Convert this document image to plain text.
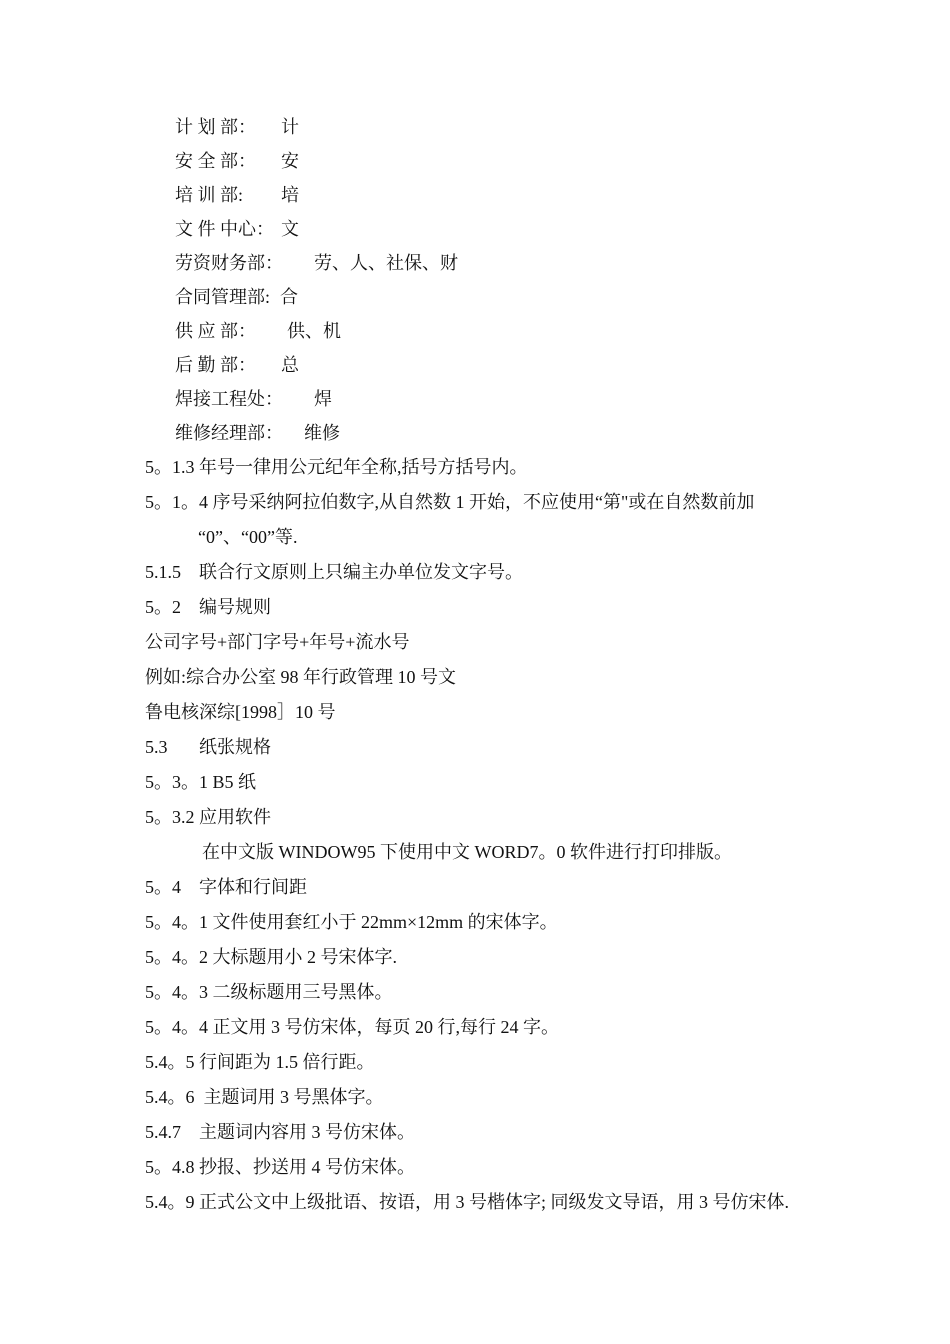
计 划 部： 计
安 全 部： 安
培 训 部: 培
文 件 中心： 文
劳资财务部： 劳、人、社保、财
合同管理部: 合
供 应 部： 供、机
后 勤 部： 总
焊接工程处： 焊
维修经理部： 维修
5。1.3 年号一律用公元纪年全称,括号方括号内。
5。1。4 序号采纳阿拉伯数字,从自然数 1 开始，不应使用“第"或在自然数前加
“0”、“00”等.
5.1.5    联合行文原则上只编主办单位发文字号。
5。2    编号规则
公司字号+部门字号+年号+流水号
例如:综合办公室 98 年行政管理 10 号文
鲁电核深综[1998］10 号
5.3       纸张规格
5。3。1 B5 纸
5。3.2 应用软件
在中文版 WINDOW95 下使用中文 WORD7。0 软件进行打印排版。
5。4    字体和行间距
5。4。1 文件使用套红小于 22mm×12mm 的宋体字。
5。4。2 大标题用小 2 号宋体字.
5。4。3 二级标题用三号黑体。
5。4。4 正文用 3 号仿宋体，每页 20 行,每行 24 字。
5.4。5 行间距为 1.5 倍行距。
5.4。6  主题词用 3 号黑体字。
5.4.7    主题词内容用 3 号仿宋体。
5。4.8 抄报、抄送用 4 号仿宋体。
5.4。9 正式公文中上级批语、按语，用 3 号楷体字; 同级发文导语，用 3 号仿宋体.
